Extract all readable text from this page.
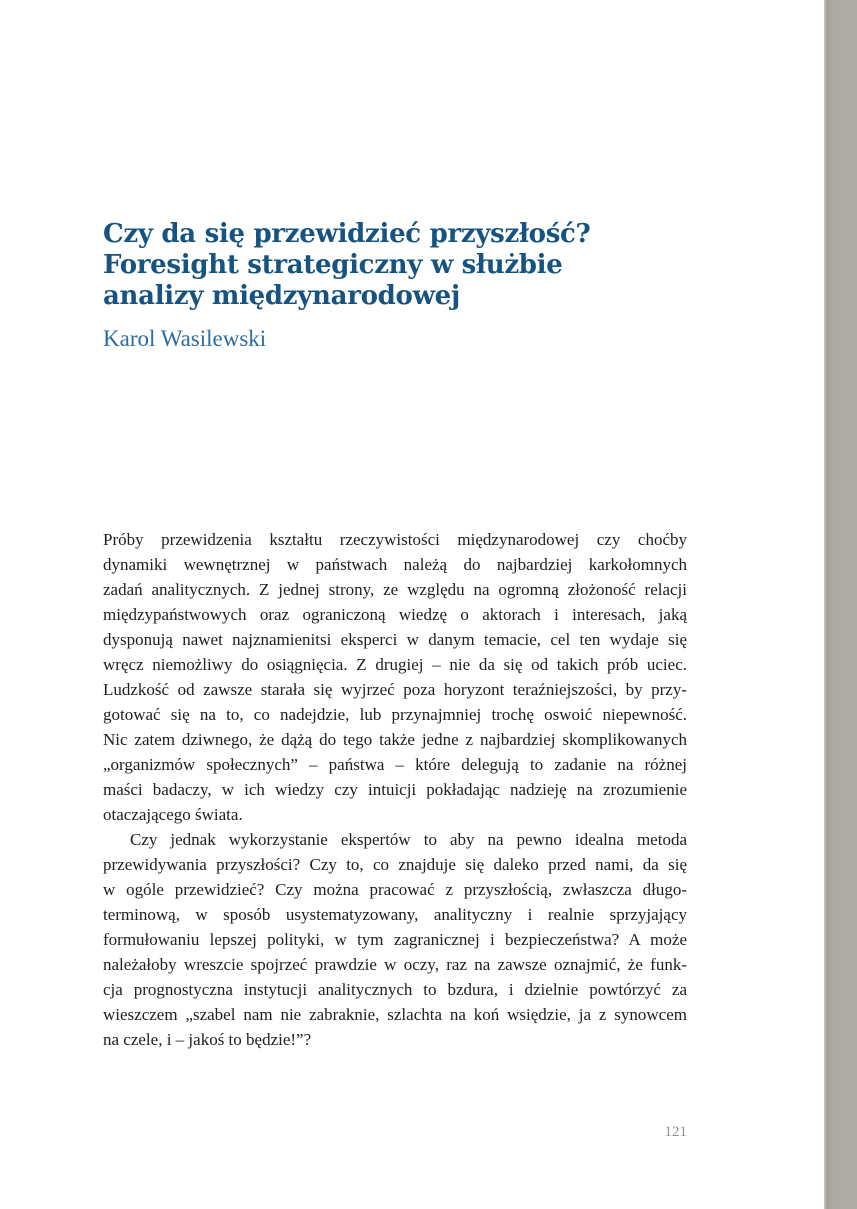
Czy da się przewidzieć przyszłość?
Foresight strategiczny w służbie
analizy międzynarodowej
Karol Wasilewski
Próby przewidzenia kształtu rzeczywistości międzynarodowej czy choćby
dynamiki wewnętrznej w państwach należą do najbardziej karkołomnych
zadań analitycznych. Z jednej strony, ze względu na ogromną złożoność relacji
międzypaństwowych oraz ograniczoną wiedzę o aktorach i interesach, jaką
dysponują nawet najznamienitsi eksperci w danym temacie, cel ten wydaje się
wręcz niemożliwy do osiągnięcia. Z drugiej – nie da się od takich prób uciec.
Ludzkość od zawsze starała się wyjrzeć poza horyzont teraźniejszości, by przy-
gotować się na to, co nadejdzie, lub przynajmniej trochę oswoić niepewność.
Nic zatem dziwnego, że dążą do tego także jedne z najbardziej skomplikowanych
„organizmów społecznych” – państwa – które delegują to zadanie na różnej
maści badaczy, w ich wiedzy czy intuicji pokładając nadzieję na zrozumienie
otaczającego świata.
Czy jednak wykorzystanie ekspertów to aby na pewno idealna metoda
przewidywania przyszłości? Czy to, co znajduje się daleko przed nami, da się
w ogóle przewidzieć? Czy można pracować z przyszłością, zwłaszcza długo-
terminową, w sposób usystematyzowany, analityczny i realnie sprzyjający
formułowaniu lepszej polityki, w tym zagranicznej i bezpieczeństwa? A może
należałoby wreszcie spojrzeć prawdzie w oczy, raz na zawsze oznajmić, że funk-
cja prognostyczna instytucji analitycznych to bzdura, i dzielnie powtórzyć za
wieszczem „szabel nam nie zabraknie, szlachta na koń wsiędzie, ja z synowcem
na czele, i – jakoś to będzie!”?
121
